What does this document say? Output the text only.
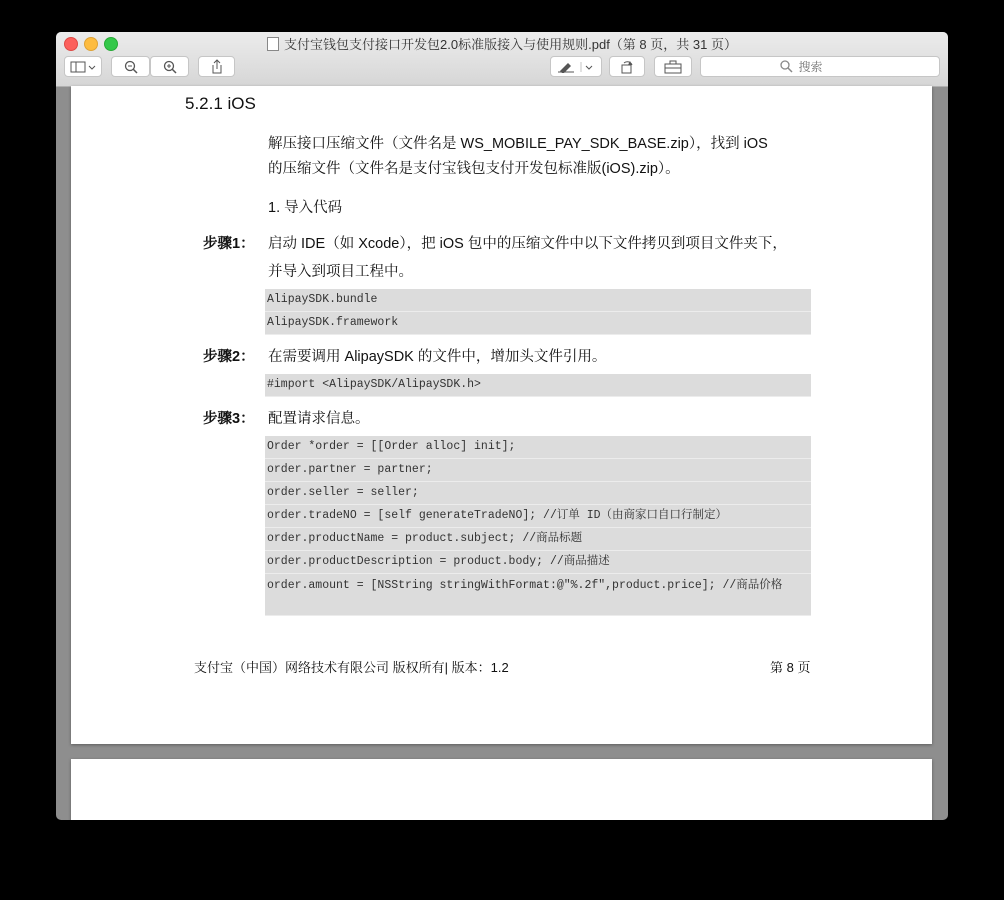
支付宝钱包支付接口开发包2.0标准版接入与使用规则.pdf（第 8 页，共 31 页）
搜索
5.2.1 iOS
解压接口压缩文件（文件名是 WS_MOBILE_PAY_SDK_BASE.zip），找到 iOS
的压缩文件（文件名是支付宝钱包支付开发包标准版(iOS).zip）。
1. 导入代码
步骤1： 启动 IDE（如 Xcode），把 iOS 包中的压缩文件中以下文件拷贝到项目文件夹下，
并导入到项目工程中。
AlipaySDK.bundle
AlipaySDK.framework
步骤2： 在需要调用 AlipaySDK 的文件中，增加头文件引用。
#import <AlipaySDK/AlipaySDK.h>
步骤3： 配置请求信息。
Order *order = [[Order alloc] init];
order.partner = partner;
order.seller = seller;
order.tradeNO = [self generateTradeNO]; //订单 ID（由商家口自口行制定）
order.productName = product.subject; //商品标题
order.productDescription = product.body; //商品描述
order.amount = [NSString stringWithFormat:@"%.2f",product.price]; //商品价格
支付宝（中国）网络技术有限公司 版权所有| 版本：1.2	第 8 页
